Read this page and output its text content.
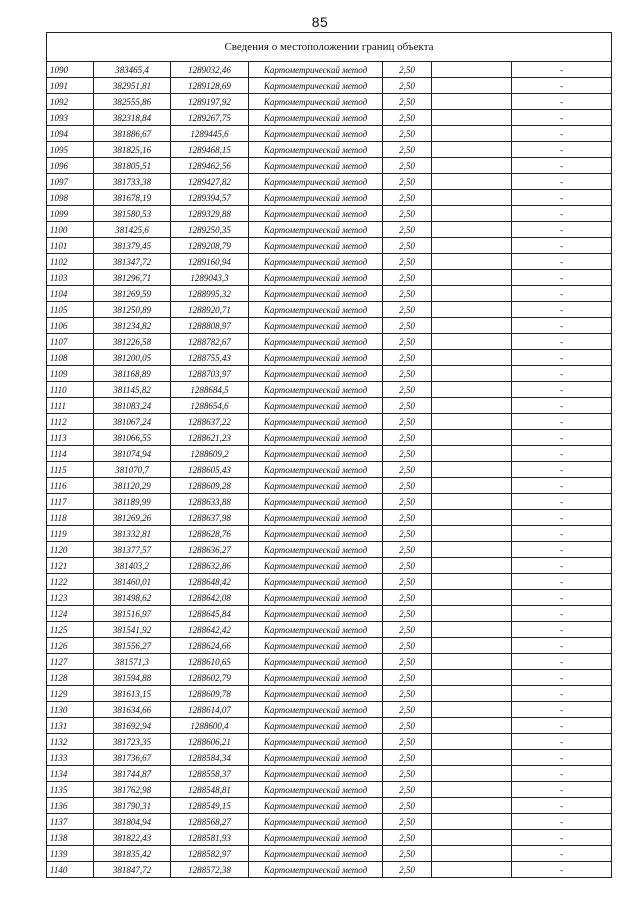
85
Сведения о местоположении границ объекта						
1090	383465,4	1289032,46	Картометрический метод	2,50		-
1091	382951,81	1289128,69	Картометрический метод	2,50		-
1092	382555,86	1289197,92	Картометрический метод	2,50		-
1093	382318,84	1289267,75	Картометрический метод	2,50		-
1094	381886,67	1289445,6	Картометрический метод	2,50		-
1095	381825,16	1289468,15	Картометрический метод	2,50		-
1096	381805,51	1289462,56	Картометрический метод	2,50		-
1097	381733,38	1289427,82	Картометрический метод	2,50		-
1098	381678,19	1289394,57	Картометрический метод	2,50		-
1099	381580,53	1289329,88	Картометрический метод	2,50		-
1100	381425,6	1289250,35	Картометрический метод	2,50		-
1101	381379,45	1289208,79	Картометрический метод	2,50		-
1102	381347,72	1289160,94	Картометрический метод	2,50		-
1103	381296,71	1289043,3	Картометрический метод	2,50		-
1104	381269,59	1288995,32	Картометрический метод	2,50		-
1105	381250,89	1288920,71	Картометрический метод	2,50		-
1106	381234,82	1288808,97	Картометрический метод	2,50		-
1107	381226,58	1288782,67	Картометрический метод	2,50		-
1108	381200,05	1288755,43	Картометрический метод	2,50		-
1109	381168,89	1288703,97	Картометрический метод	2,50		-
1110	381145,82	1288684,5	Картометрический метод	2,50		-
1111	381083,24	1288654,6	Картометрический метод	2,50		-
1112	381067,24	1288637,22	Картометрический метод	2,50		-
1113	381066,55	1288621,23	Картометрический метод	2,50		-
1114	381074,94	1288609,2	Картометрический метод	2,50		-
1115	381070,7	1288605,43	Картометрический метод	2,50		-
1116	381120,29	1288609,28	Картометрический метод	2,50		-
1117	381189,99	1288633,88	Картометрический метод	2,50		-
1118	381269,26	1288637,98	Картометрический метод	2,50		-
1119	381332,81	1288628,76	Картометрический метод	2,50		-
1120	381377,57	1288636,27	Картометрический метод	2,50		-
1121	381403,2	1288632,86	Картометрический метод	2,50		-
1122	381460,01	1288648,42	Картометрический метод	2,50		-
1123	381498,62	1288642,08	Картометрический метод	2,50		-
1124	381516,97	1288645,84	Картометрический метод	2,50		-
1125	381541,92	1288642,42	Картометрический метод	2,50		-
1126	381556,27	1288624,66	Картометрический метод	2,50		-
1127	381571,3	1288610,65	Картометрический метод	2,50		-
1128	381594,88	1288602,79	Картометрический метод	2,50		-
1129	381613,15	1288609,78	Картометрический метод	2,50		-
1130	381634,66	1288614,07	Картометрический метод	2,50		-
1131	381692,94	1288600,4	Картометрический метод	2,50		-
1132	381723,35	1288606,21	Картометрический метод	2,50		-
1133	381736,67	1288584,34	Картометрический метод	2,50		-
1134	381744,87	1288558,37	Картометрический метод	2,50		-
1135	381762,98	1288548,81	Картометрический метод	2,50		-
1136	381790,31	1288549,15	Картометрический метод	2,50		-
1137	381804,94	1288568,27	Картометрический метод	2,50		-
1138	381822,43	1288581,93	Картометрический метод	2,50		-
1139	381835,42	1288582,97	Картометрический метод	2,50		-
1140	381847,72	1288572,38	Картометрический метод	2,50		-
